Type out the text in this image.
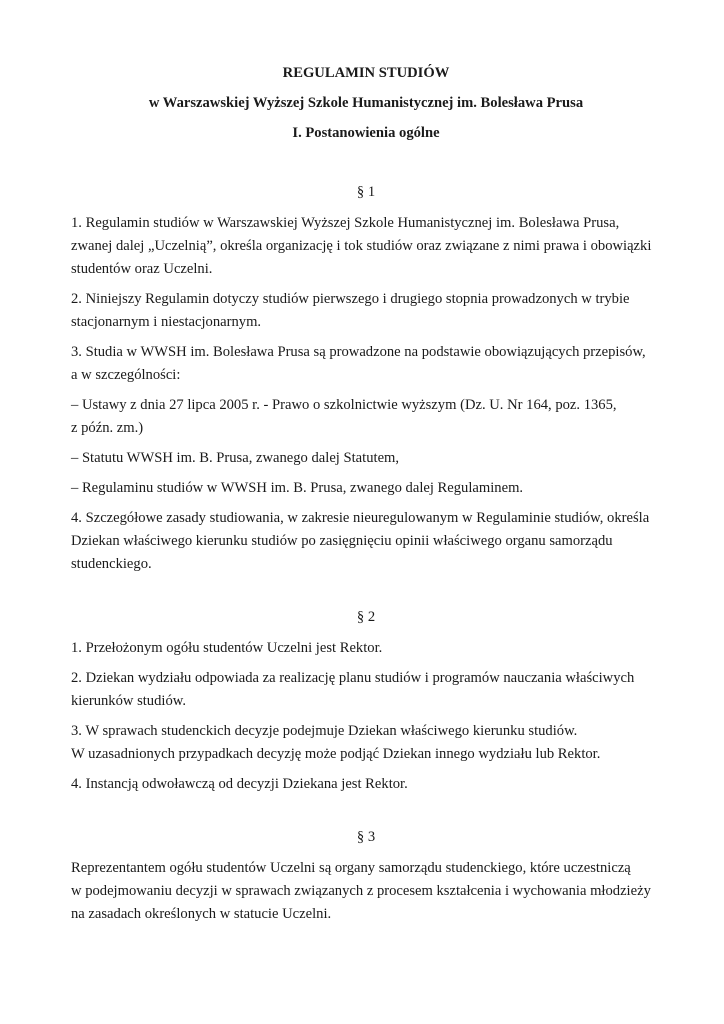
REGULAMIN STUDIÓW

w Warszawskiej Wyższej Szkole Humanistycznej im. Bolesława Prusa

I. Postanowienia ogólne

§ 1

1. Regulamin studiów w Warszawskiej Wyższej Szkole Humanistycznej im. Bolesława Prusa,
zwanej dalej „Uczelnią”, określa organizację i tok studiów oraz związane z nimi prawa i obowiązki
studentów oraz Uczelni.

2. Niniejszy Regulamin dotyczy studiów pierwszego i drugiego stopnia prowadzonych w trybie
stacjonarnym i niestacjonarnym.

3. Studia w WWSH im. Bolesława Prusa są prowadzone na podstawie obowiązujących przepisów,
a w szczególności:

– Ustawy z dnia 27 lipca 2005 r. - Prawo o szkolnictwie wyższym (Dz. U. Nr 164, poz. 1365,
z późn. zm.)

– Statutu WWSH im. B. Prusa, zwanego dalej Statutem,

– Regulaminu studiów w WWSH im. B. Prusa, zwanego dalej Regulaminem.

4. Szczegółowe zasady studiowania, w zakresie nieuregulowanym w Regulaminie studiów, określa
Dziekan właściwego kierunku studiów po zasięgnięciu opinii właściwego organu samorządu
studenckiego.

§ 2

1. Przełożonym ogółu studentów Uczelni jest Rektor.

2. Dziekan wydziału odpowiada za realizację planu studiów i programów nauczania właściwych
kierunków studiów.

3. W sprawach studenckich decyzje podejmuje Dziekan właściwego kierunku studiów.
W uzasadnionych przypadkach decyzję może podjąć Dziekan innego wydziału lub Rektor.

4. Instancją odwoławczą od decyzji Dziekana jest Rektor.

§ 3

Reprezentantem ogółu studentów Uczelni są organy samorządu studenckiego, które uczestniczą
w podejmowaniu decyzji w sprawach związanych z procesem kształcenia i wychowania młodzieży
na zasadach określonych w statucie Uczelni.
